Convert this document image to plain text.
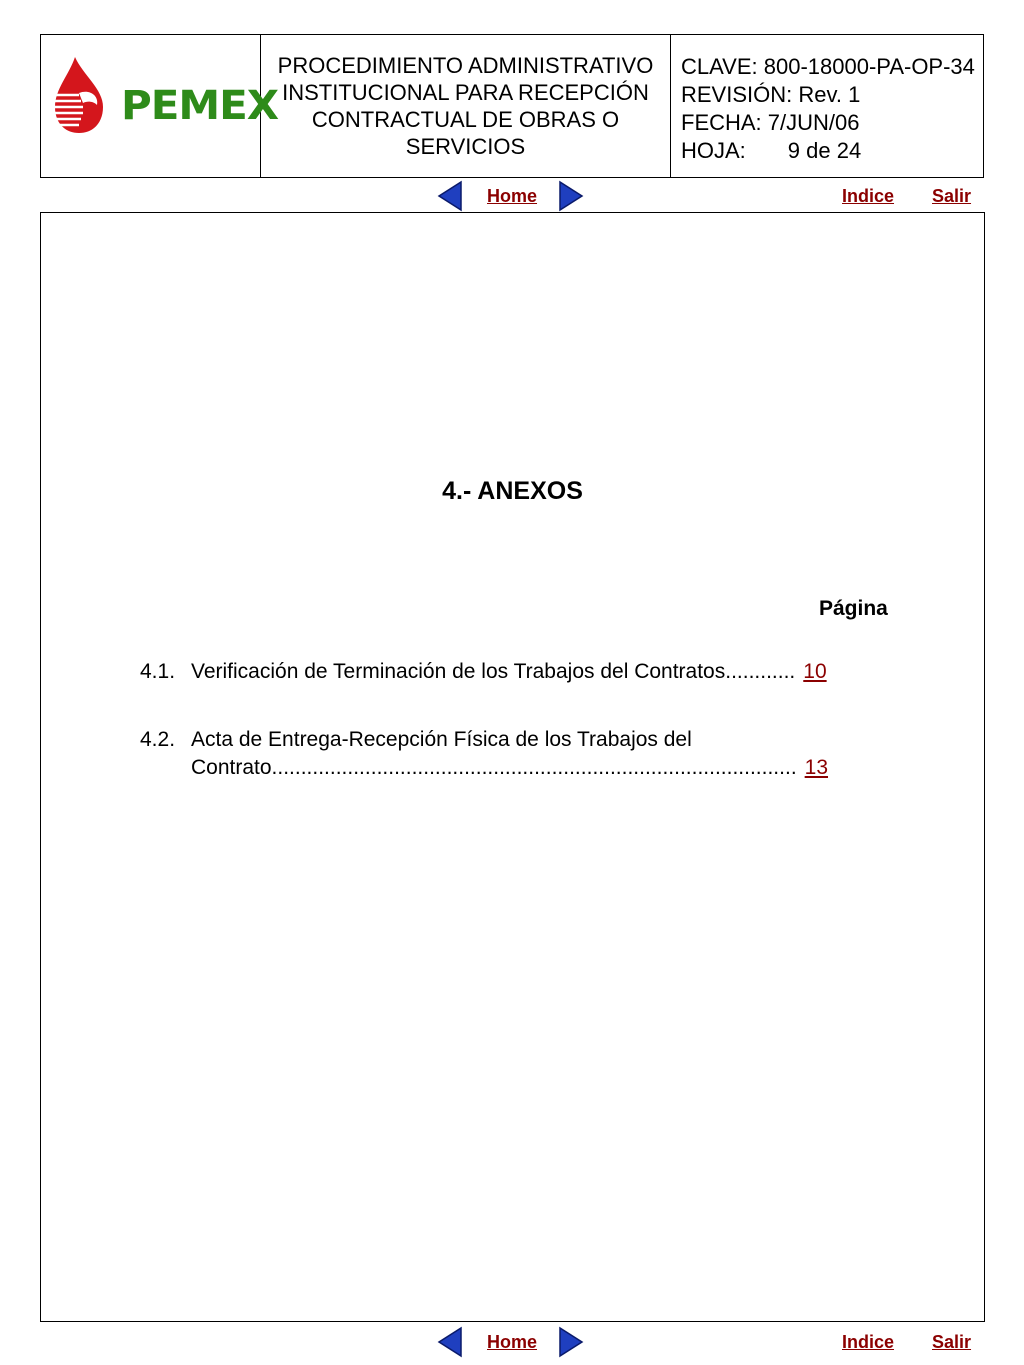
PEMEX
PROCEDIMIENTO ADMINISTRATIVO INSTITUCIONAL PARA RECEPCIÓN CONTRACTUAL DE OBRAS O SERVICIOS
CLAVE: 800-18000-PA-OP-34
REVISIÓN: Rev. 1
FECHA: 7/JUN/06
HOJA: 9 de 24
Home	Indice Salir
4.- ANEXOS
Página
4.1. Verificación de Terminación de los Trabajos del Contratos............ 10
4.2. Acta de Entrega-Recepción Física de los Trabajos del
Contrato.......................................................................................... 13
Home	Indice Salir
